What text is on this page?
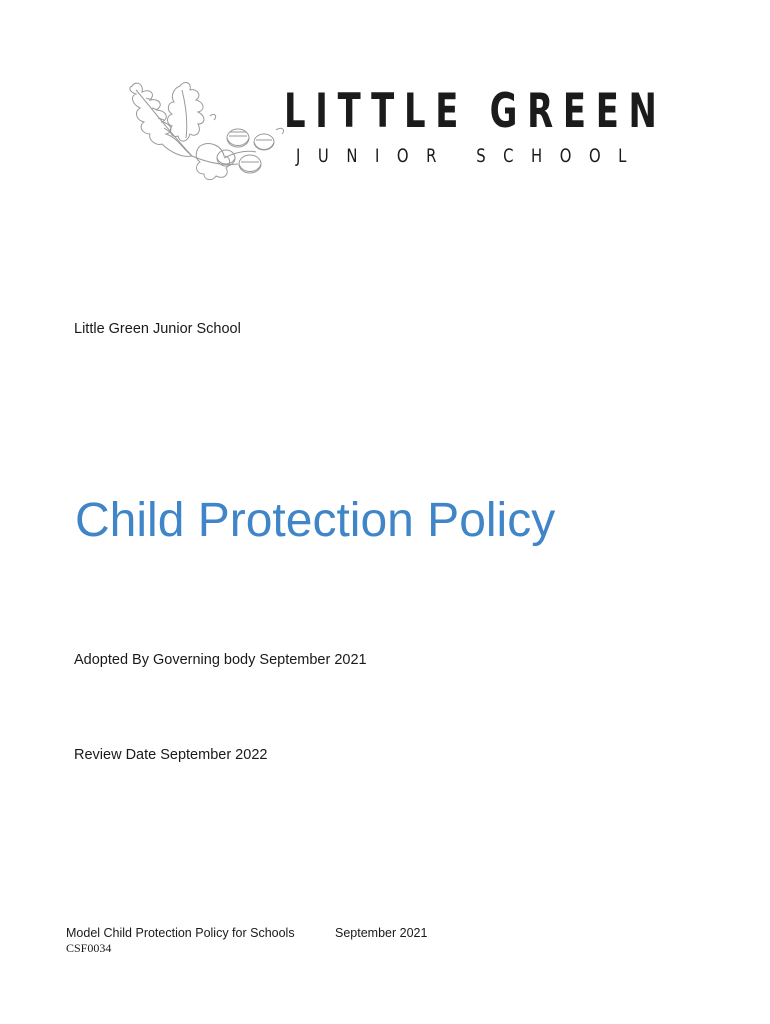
LITTLE GREEN
JUNIOR SCHOOL
Little Green Junior School
Child Protection Policy
Adopted By Governing body September 2021
Review Date September 2022
Model Child Protection Policy for Schools	September 2021
CSF0034
